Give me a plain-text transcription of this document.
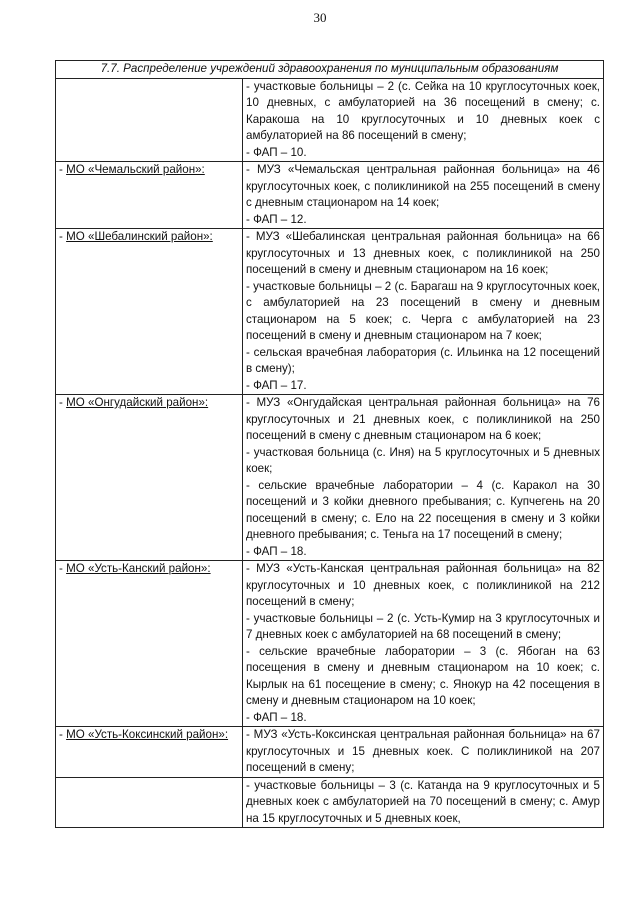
30
7.7. Распределение учреждений здравоохранения по муниципальным образованиям	

	- участковые больницы – 2 (с. Сейка на 10 круглосуточных коек, 10 дневных, с амбулаторией на 36 посещений в смену; с. Каракоша на 10 круглосуточных и 10 дневных коек с амбулаторией на 86 посещений в смену;

- ФАП – 10.

- МО «Чемальский район»:	- МУЗ «Чемальская центральная районная больница» на 46 круглосуточных коек, с поликлиникой на 255 посещений в смену с дневным стационаром на 14 коек;

- ФАП – 12.

- МО «Шебалинский район»:	- МУЗ «Шебалинская центральная районная больница» на 66 круглосуточных и 13 дневных коек, с поликлиникой на 250 посещений в смену и дневным стационаром на 16 коек;

- участковые больницы – 2 (с. Барагаш на 9 круглосуточных коек, с амбулаторией на 23 посещений в смену и дневным стационаром на 5 коек; с. Черга с амбулаторией на 23 посещений в смену и дневным стационаром на 7 коек;

- сельская врачебная лаборатория (с. Ильинка на 12 посещений в смену);

- ФАП – 17.

- МО «Онгудайский район»:	- МУЗ «Онгудайская центральная районная больница» на 76 круглосуточных и 21 дневных коек, с поликлиникой на 250 посещений в смену с дневным стационаром на 6 коек;

- участковая больница (с. Иня) на 5 круглосуточных и 5 дневных коек;

- сельские врачебные лаборатории – 4 (с. Каракол на 30 посещений и 3 койки дневного пребывания; с. Купчегень на 20 посещений в смену; с. Ело на 22 посещения в смену и 3 койки дневного пребывания; с. Теньга на 17 посещений в смену;

- ФАП – 18.

- МО «Усть-Канский район»:	- МУЗ «Усть-Канская центральная районная больница» на 82 круглосуточных и 10 дневных коек, с поликлиникой на 212 посещений в смену;

- участковые больницы – 2 (с. Усть-Кумир на 3 круглосуточных и 7 дневных коек с амбулаторией на 68 посещений в смену;

- сельские врачебные лаборатории – 3 (с. Ябоган на 63 посещения в смену и дневным стационаром на 10 коек; с. Кырлык на 61 посещение в смену; с. Янокур на 42 посещения в смену и дневным стационаром на 10 коек;

- ФАП – 18.

- МО «Усть-Коксинский район»:	- МУЗ «Усть-Коксинская центральная районная больница» на 67 круглосуточных и 15 дневных коек. С поликлиникой на 207 посещений в смену;

	- участковые больницы – 3 (с. Катанда на 9 круглосуточных и 5 дневных коек с амбулаторией на 70 посещений в смену; с. Амур на 15 круглосуточных и 5 дневных коек,
